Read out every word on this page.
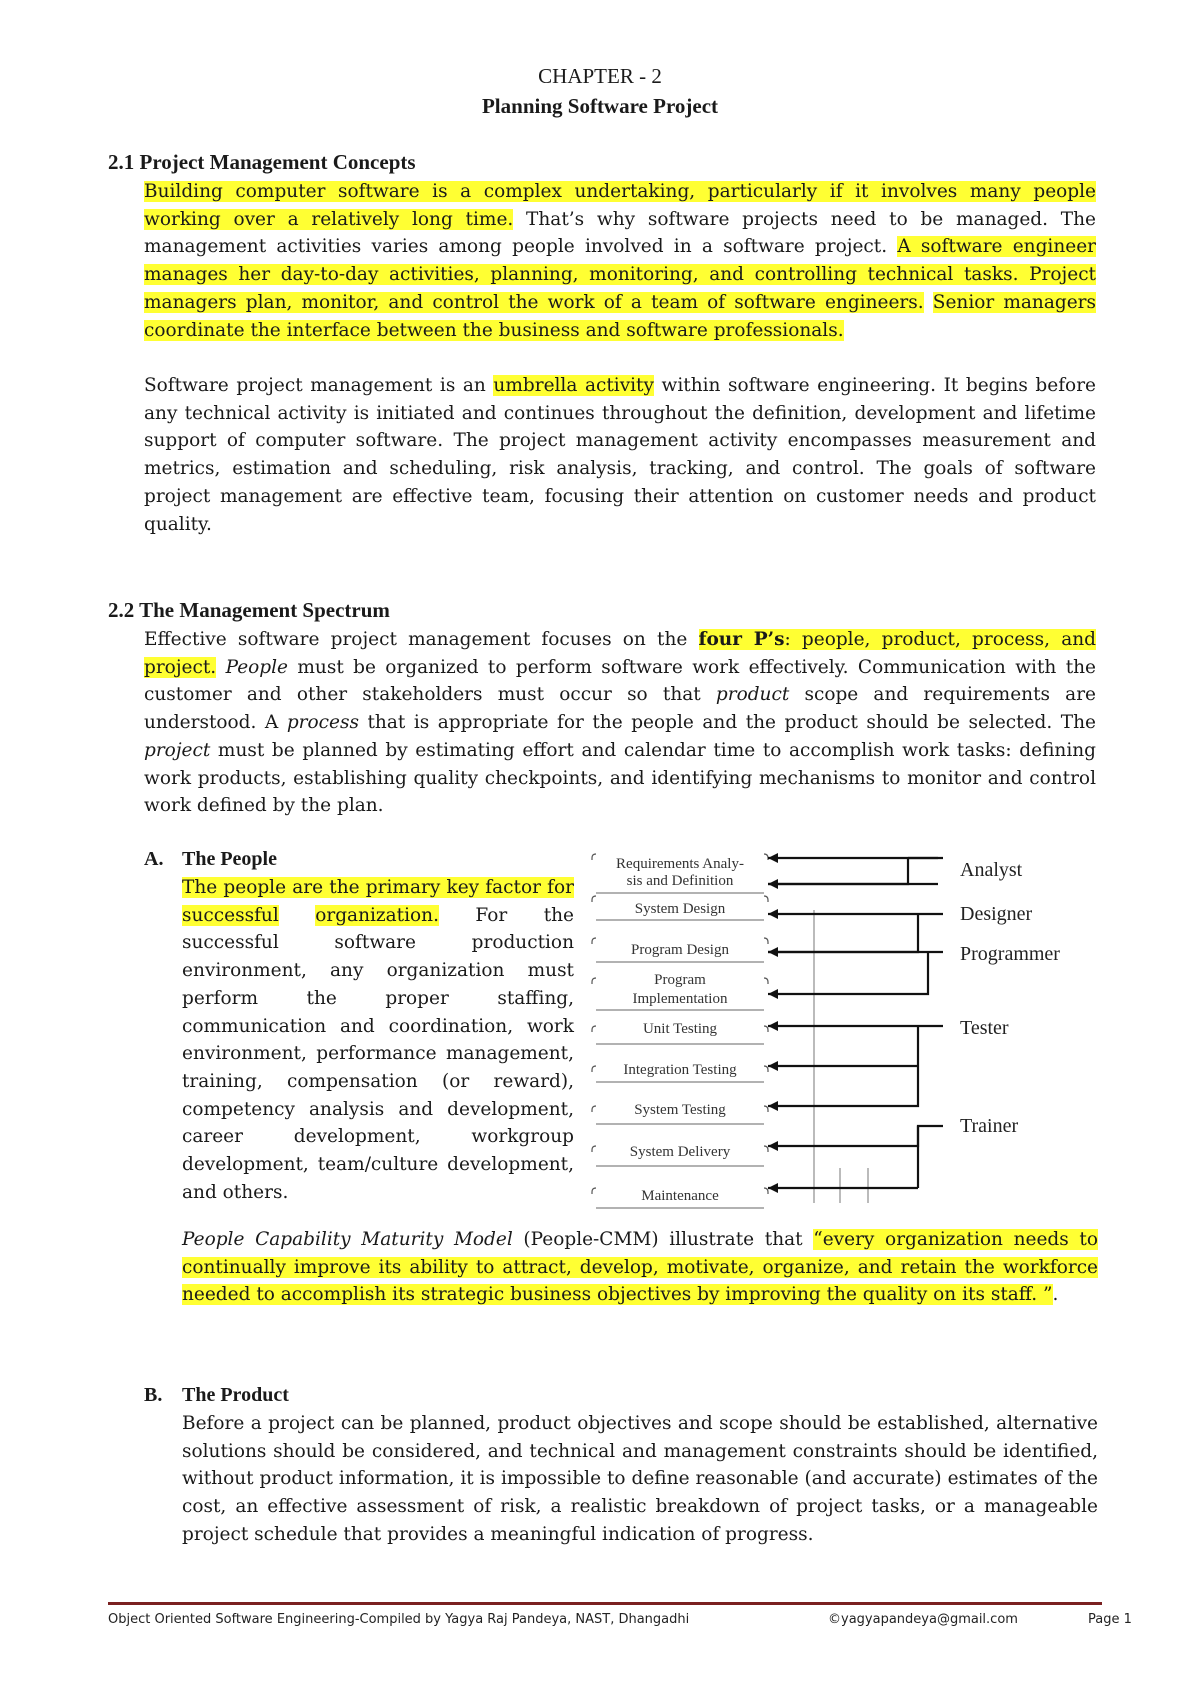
CHAPTER - 2
Planning Software Project
2.1 Project Management Concepts
Building computer software is a complex undertaking, particularly if it involves many people working over a relatively long time. That’s why software projects need to be managed. The management activities varies among people involved in a software project. A software engineer manages her day-to-day activities, planning, monitoring, and controlling technical tasks. Project managers plan, monitor, and control the work of a team of software engineers. Senior managers coordinate the interface between the business and software professionals.
Software project management is an umbrella activity within software engineering. It begins before any technical activity is initiated and continues throughout the definition, development and lifetime support of computer software. The project management activity encompasses measurement and metrics, estimation and scheduling, risk analysis, tracking, and control. The goals of software project management are effective team, focusing their attention on customer needs and product quality.
2.2 The Management Spectrum
Effective software project management focuses on the four P’s: people, product, process, and project. People must be organized to perform software work effectively. Communication with the customer and other stakeholders must occur so that product scope and requirements are understood. A process that is appropriate for the people and the product should be selected. The project must be planned by estimating effort and calendar time to accomplish work tasks: defining work products, establishing quality checkpoints, and identifying mechanisms to monitor and control work defined by the plan.
A. The People
The people are the primary key factor for successful organization. For the successful software production environment, any organization must perform the proper staffing, communication and coordination, work environment, performance management, training, compensation (or reward), competency analysis and development, career development, workgroup development, team/culture development, and others.
Requirements Analy-
sis and Definition
System Design
Program Design
Program
Implementation
Unit Testing
Integration Testing
System Testing
System Delivery
Maintenance
Analyst
Designer
Programmer
Tester
Trainer
People Capability Maturity Model (People-CMM) illustrate that “every organization needs to continually improve its ability to attract, develop, motivate, organize, and retain the workforce needed to accomplish its strategic business objectives by improving the quality on its staff. ”.
B. The Product
Before a project can be planned, product objectives and scope should be established, alternative solutions should be considered, and technical and management constraints should be identified, without product information, it is impossible to define reasonable (and accurate) estimates of the cost, an effective assessment of risk, a realistic breakdown of project tasks, or a manageable project schedule that provides a meaningful indication of progress.
Object Oriented Software Engineering-Compiled by Yagya Raj Pandeya, NAST, Dhangadhi	©yagyapandeya@gmail.com	Page 1
